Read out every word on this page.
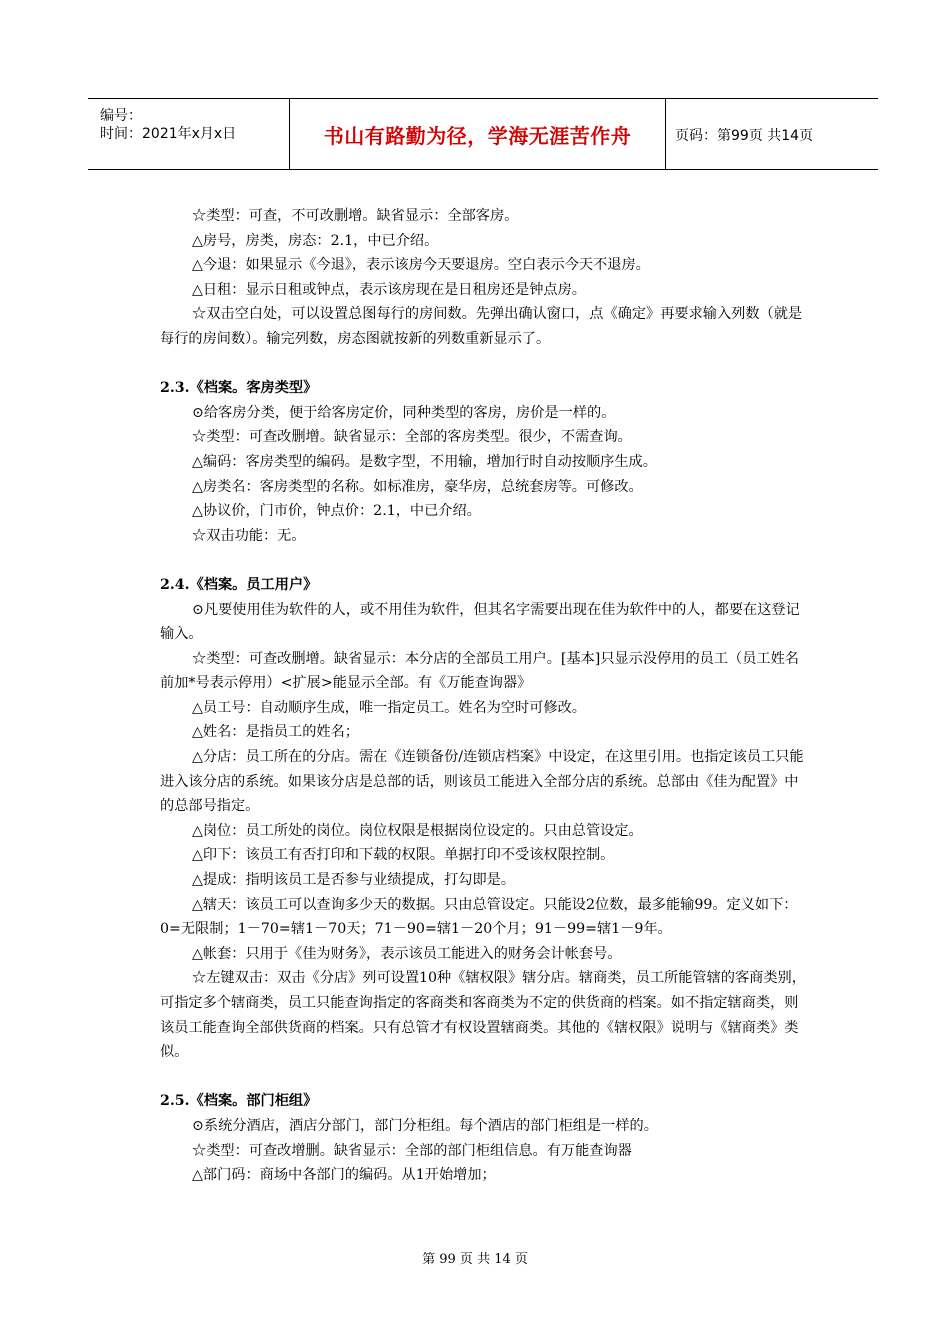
编号：
时间：2021年x月x日	书山有路勤为径，学海无涯苦作舟	页码：第99页 共14页
☆类型：可查，不可改删增。缺省显示：全部客房。
△房号，房类，房态：2.1，中已介绍。
△今退：如果显示《今退》，表示该房今天要退房。空白表示今天不退房。
△日租：显示日租或钟点，表示该房现在是日租房还是钟点房。
☆双击空白处，可以设置总图每行的房间数。先弹出确认窗口，点《确定》再要求输入列数（就是每行的房间数）。输完列数，房态图就按新的列数重新显示了。
2.3.《档案。客房类型》
⊙给客房分类，便于给客房定价，同种类型的客房，房价是一样的。
☆类型：可查改删增。缺省显示：全部的客房类型。很少，不需查询。
△编码：客房类型的编码。是数字型，不用输，增加行时自动按顺序生成。
△房类名：客房类型的名称。如标准房，豪华房，总统套房等。可修改。
△协议价，门市价，钟点价：2.1，中已介绍。
☆双击功能：无。
2.4.《档案。员工用户》
⊙凡要使用佳为软件的人，或不用佳为软件，但其名字需要出现在佳为软件中的人，都要在这登记输入。
☆类型：可查改删增。缺省显示：本分店的全部员工用户。[基本]只显示没停用的员工（员工姓名前加*号表示停用）<扩展>能显示全部。有《万能查询器》
△员工号：自动顺序生成，唯一指定员工。姓名为空时可修改。
△姓名：是指员工的姓名；
△分店：员工所在的分店。需在《连锁备份/连锁店档案》中设定，在这里引用。也指定该员工只能进入该分店的系统。如果该分店是总部的话，则该员工能进入全部分店的系统。总部由《佳为配置》中的总部号指定。
△岗位：员工所处的岗位。岗位权限是根据岗位设定的。只由总管设定。
△印下：该员工有否打印和下载的权限。单据打印不受该权限控制。
△提成：指明该员工是否参与业绩提成，打勾即是。
△辖天：该员工可以查询多少天的数据。只由总管设定。只能设2位数，最多能输99。定义如下：0=无限制；1－70=辖1－70天；71－90=辖1－20个月；91－99=辖1－9年。
△帐套：只用于《佳为财务》，表示该员工能进入的财务会计帐套号。
☆左键双击：双击《分店》列可设置10种《辖权限》辖分店。辖商类，员工所能管辖的客商类别，可指定多个辖商类，员工只能查询指定的客商类和客商类为不定的供货商的档案。如不指定辖商类，则该员工能查询全部供货商的档案。只有总管才有权设置辖商类。其他的《辖权限》说明与《辖商类》类似。
2.5.《档案。部门柜组》
⊙系统分酒店，酒店分部门，部门分柜组。每个酒店的部门柜组是一样的。
☆类型：可查改增删。缺省显示：全部的部门柜组信息。有万能查询器
△部门码：商场中各部门的编码。从1开始增加；
第 99 页 共 14 页
